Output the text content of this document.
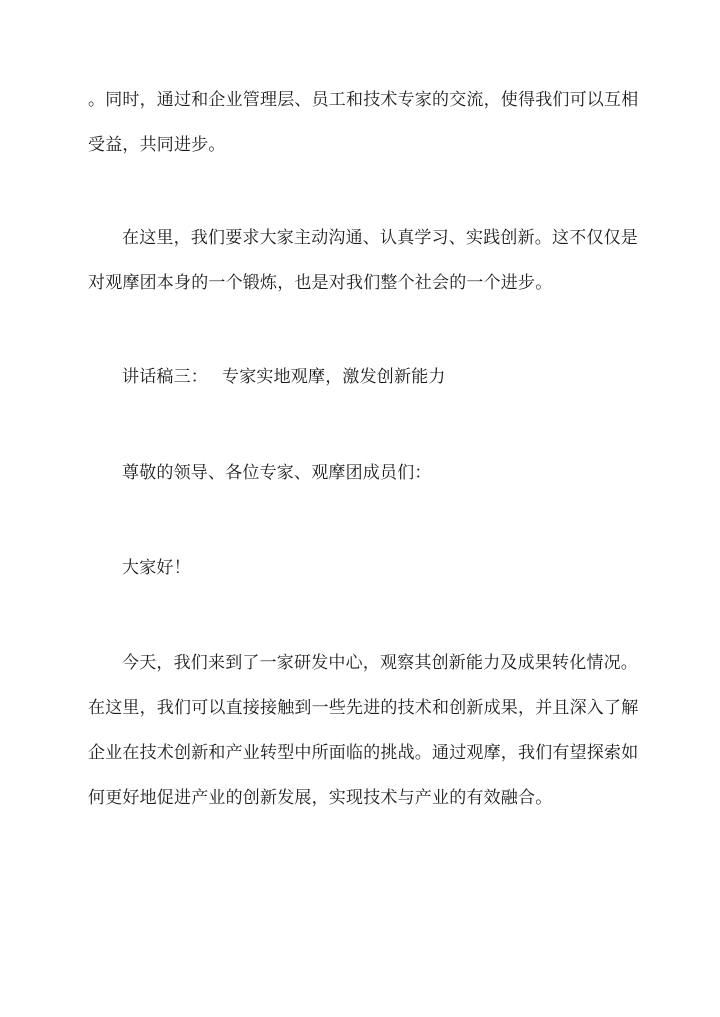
。同时，通过和企业管理层、员工和技术专家的交流，使得我们可以互相
受益，共同进步。

在这里，我们要求大家主动沟通、认真学习、实践创新。这不仅仅是
对观摩团本身的一个锻炼，也是对我们整个社会的一个进步。

讲话稿三： 专家实地观摩，激发创新能力

尊敬的领导、各位专家、观摩团成员们：

大家好！

今天，我们来到了一家研发中心，观察其创新能力及成果转化情况。
在这里，我们可以直接接触到一些先进的技术和创新成果，并且深入了解
企业在技术创新和产业转型中所面临的挑战。通过观摩，我们有望探索如
何更好地促进产业的创新发展，实现技术与产业的有效融合。
